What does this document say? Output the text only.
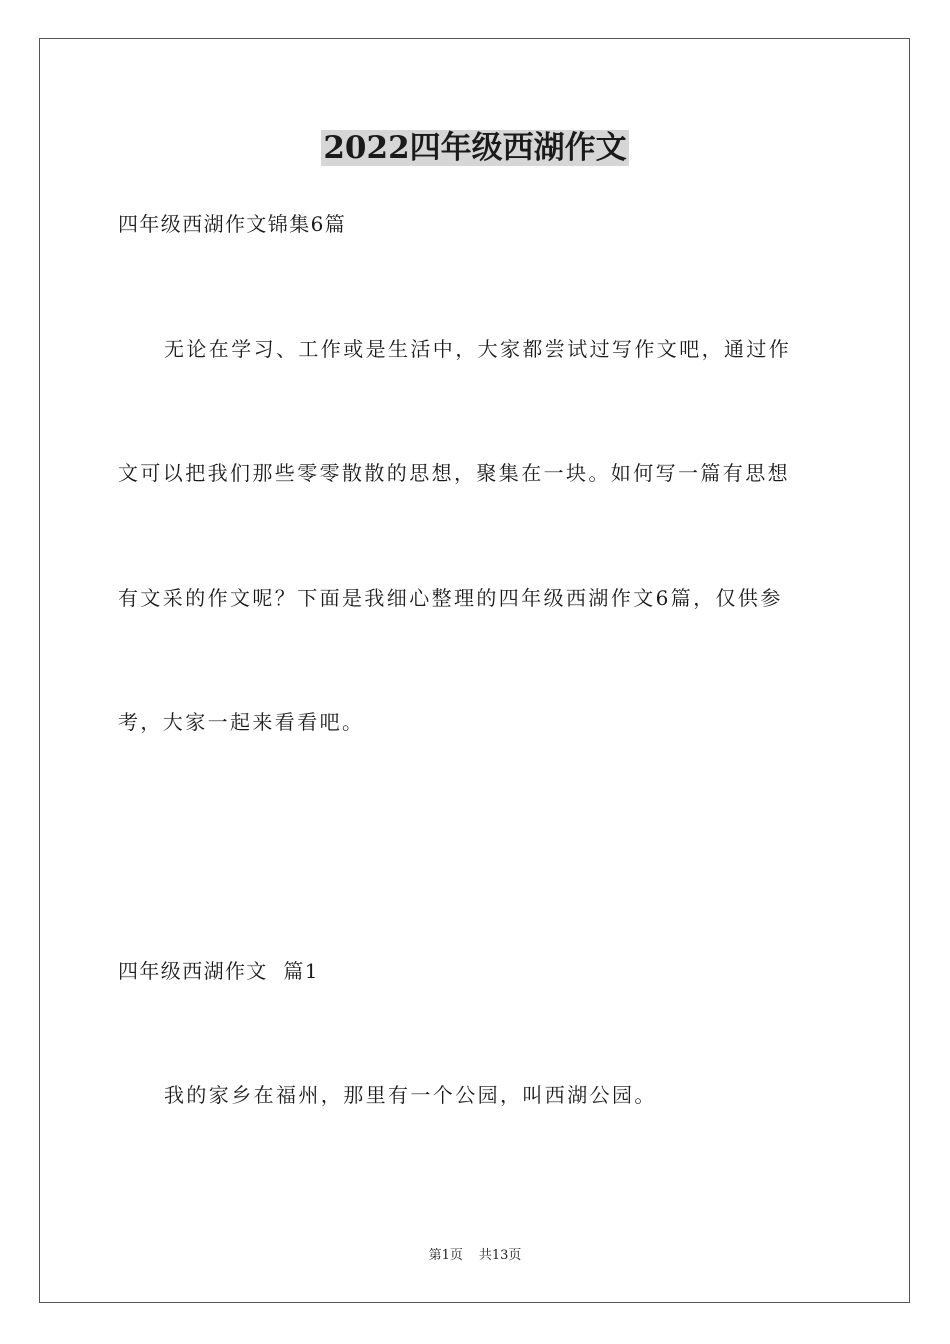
2022四年级西湖作文
四年级西湖作文锦集6篇
无论在学习、工作或是生活中，大家都尝试过写作文吧，通过作
文可以把我们那些零零散散的思想，聚集在一块。如何写一篇有思想
有文采的作文呢？下面是我细心整理的四年级西湖作文6篇，仅供参
考，大家一起来看看吧。
四年级西湖作文  篇1
我的家乡在福州，那里有一个公园，叫西湖公园。
第1页 共13页
